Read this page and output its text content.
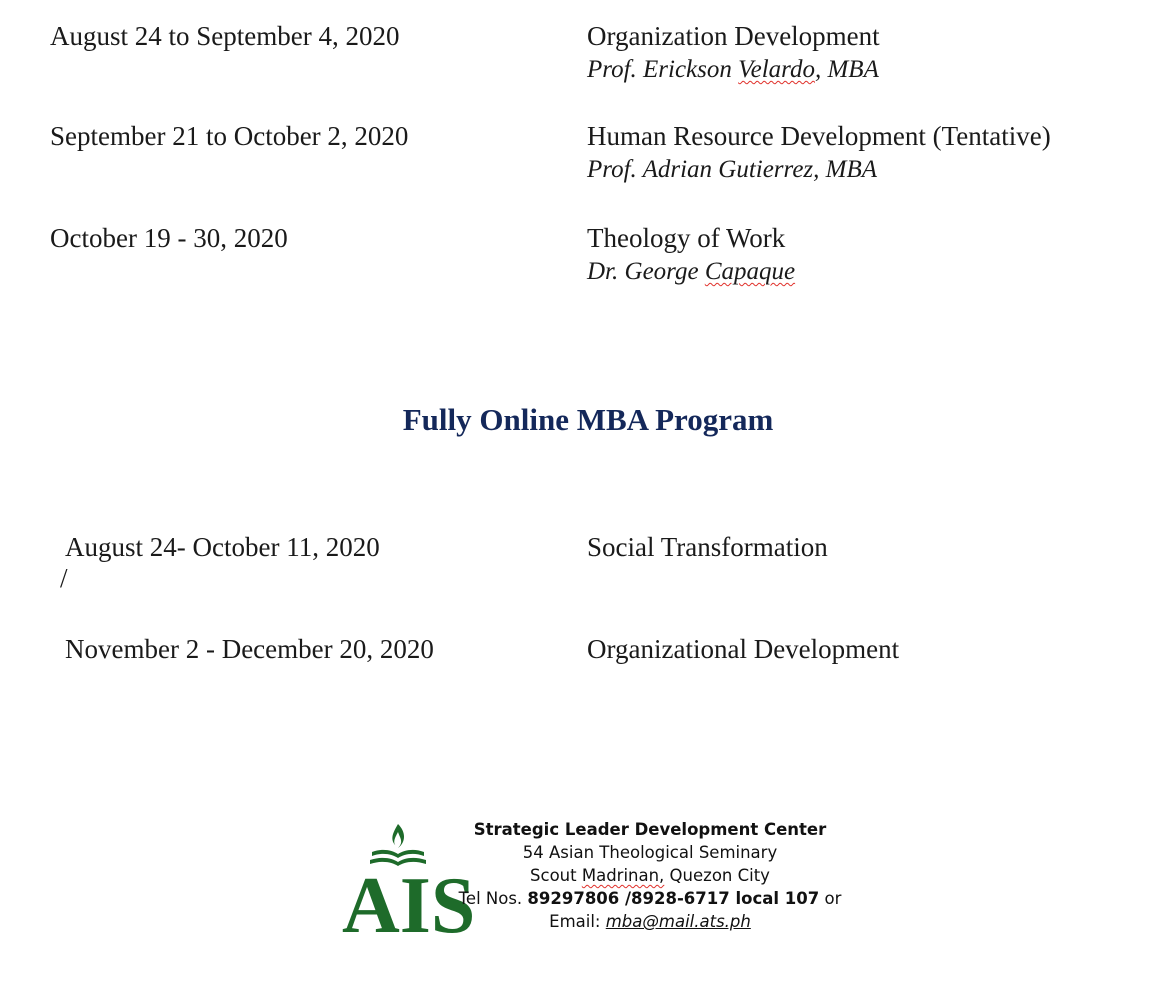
August 24 to September 4, 2020	Organization Development
Prof. Erickson Velardo, MBA
September 21 to October 2, 2020	Human Resource Development (Tentative)
Prof. Adrian Gutierrez, MBA
October 19 - 30, 2020	Theology of Work
Dr. George Capaque
Fully Online MBA Program
August 24- October 11, 2020	Social Transformation
/
November 2 - December 20, 2020	Organizational Development
AIS
Strategic Leader Development Center
54 Asian Theological Seminary
Scout Madrinan, Quezon City
Tel Nos. 89297806 /8928-6717 local 107 or
Email: mba@mail.ats.ph
